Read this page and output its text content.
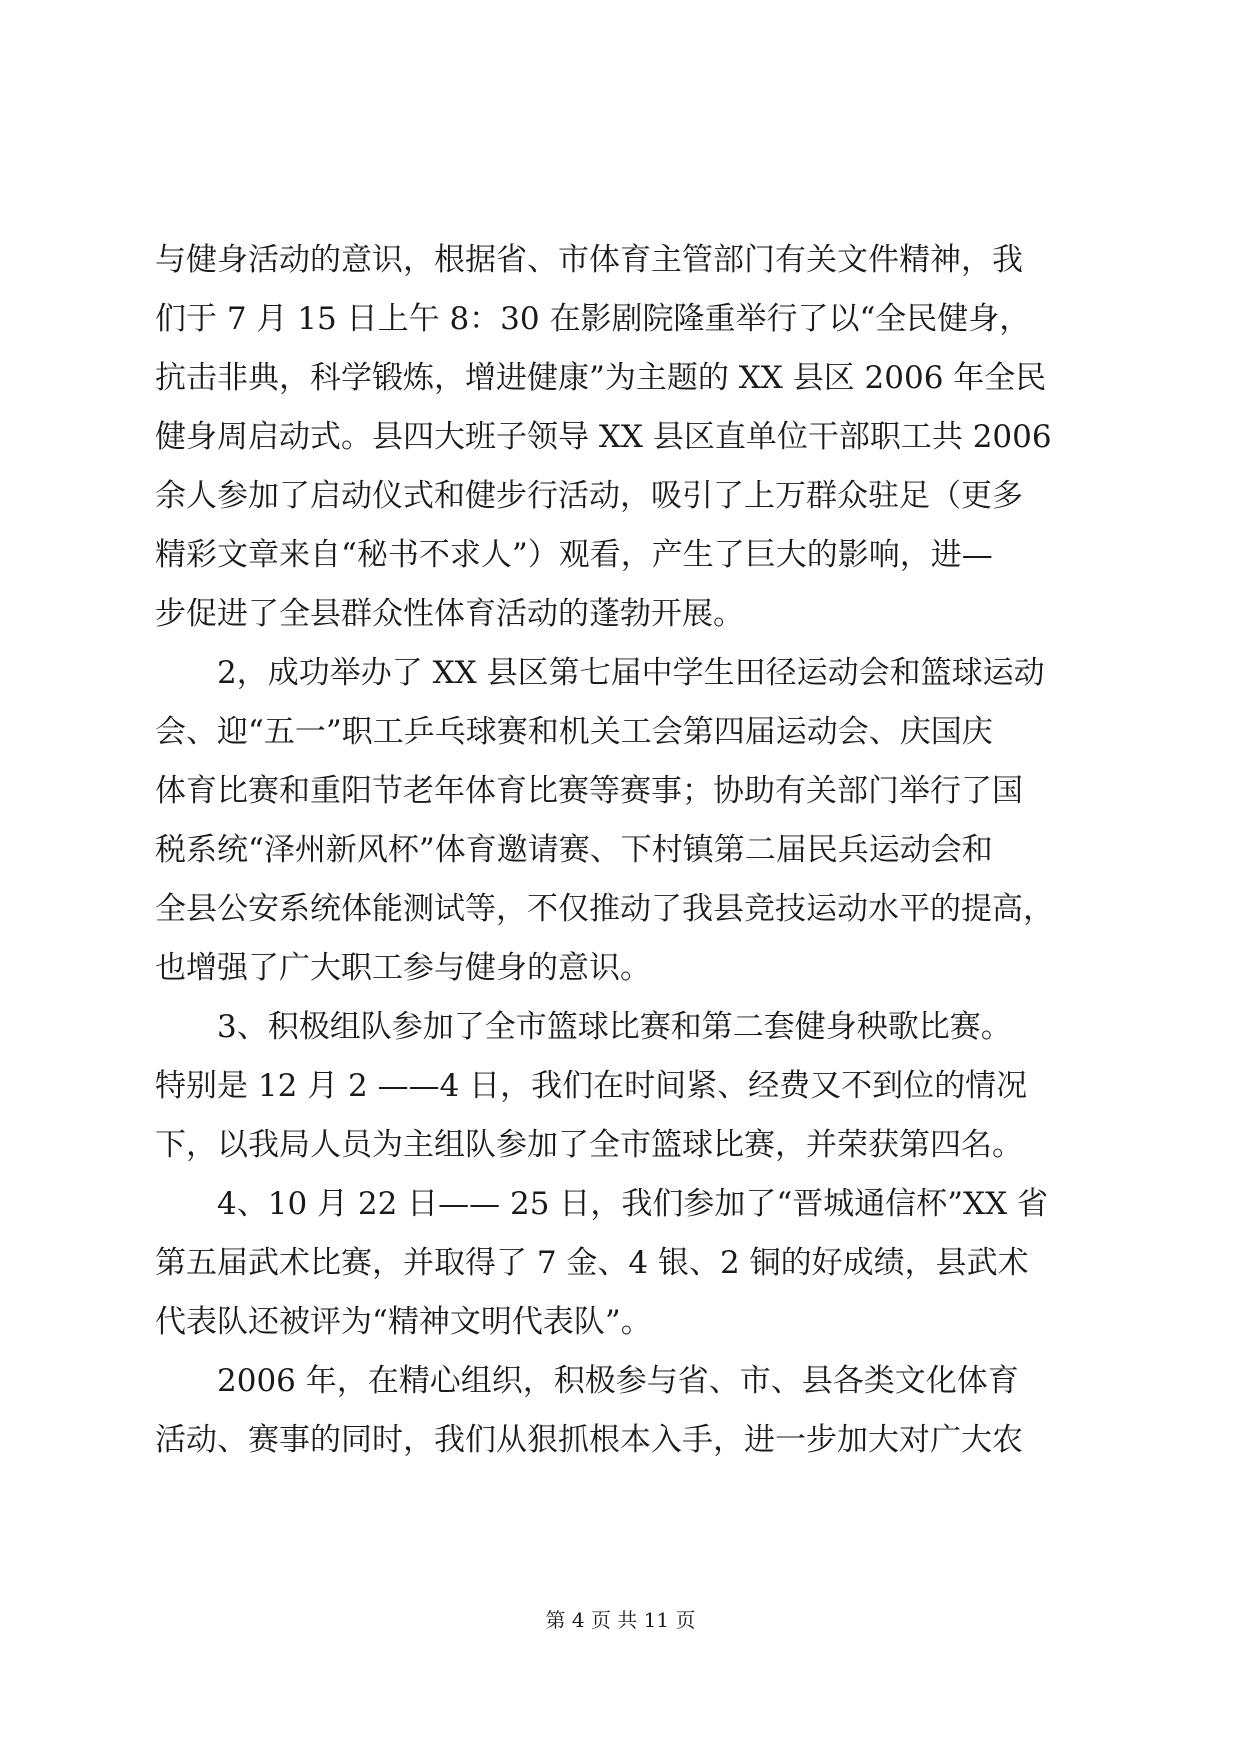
与健身活动的意识，根据省、市体育主管部门有关文件精神，我
们于 7 月 15 日上午 8：30 在影剧院隆重举行了以“全民健身，
抗击非典，科学锻炼，增进健康”为主题的 XX 县区 2006 年全民
健身周启动式。县四大班子领导 XX 县区直单位干部职工共 2006
余人参加了启动仪式和健步行活动，吸引了上万群众驻足（更多
精彩文章来自“秘书不求人”）观看，产生了巨大的影响，进—
步促进了全县群众性体育活动的蓬勃开展。

　　2，成功举办了 XX 县区第七届中学生田径运动会和篮球运动
会、迎“五一”职工乒乓球赛和机关工会第四届运动会、庆国庆
体育比赛和重阳节老年体育比赛等赛事；协助有关部门举行了国
税系统“泽州新风杯”体育邀请赛、下村镇第二届民兵运动会和
全县公安系统体能测试等，不仅推动了我县竞技运动水平的提高，
也增强了广大职工参与健身的意识。

　　3、积极组队参加了全市篮球比赛和第二套健身秧歌比赛。
特别是 12 月 2 ——4 日，我们在时间紧、经费又不到位的情况
下，以我局人员为主组队参加了全市篮球比赛，并荣获第四名。

　　4、10 月 22 日—— 25 日，我们参加了“晋城通信杯”XX 省
第五届武术比赛，并取得了 7 金、4 银、2 铜的好成绩，县武术
代表队还被评为“精神文明代表队”。

　　2006 年，在精心组织，积极参与省、市、县各类文化体育
活动、赛事的同时，我们从狠抓根本入手，进一步加大对广大农

第 4 页 共 11 页
